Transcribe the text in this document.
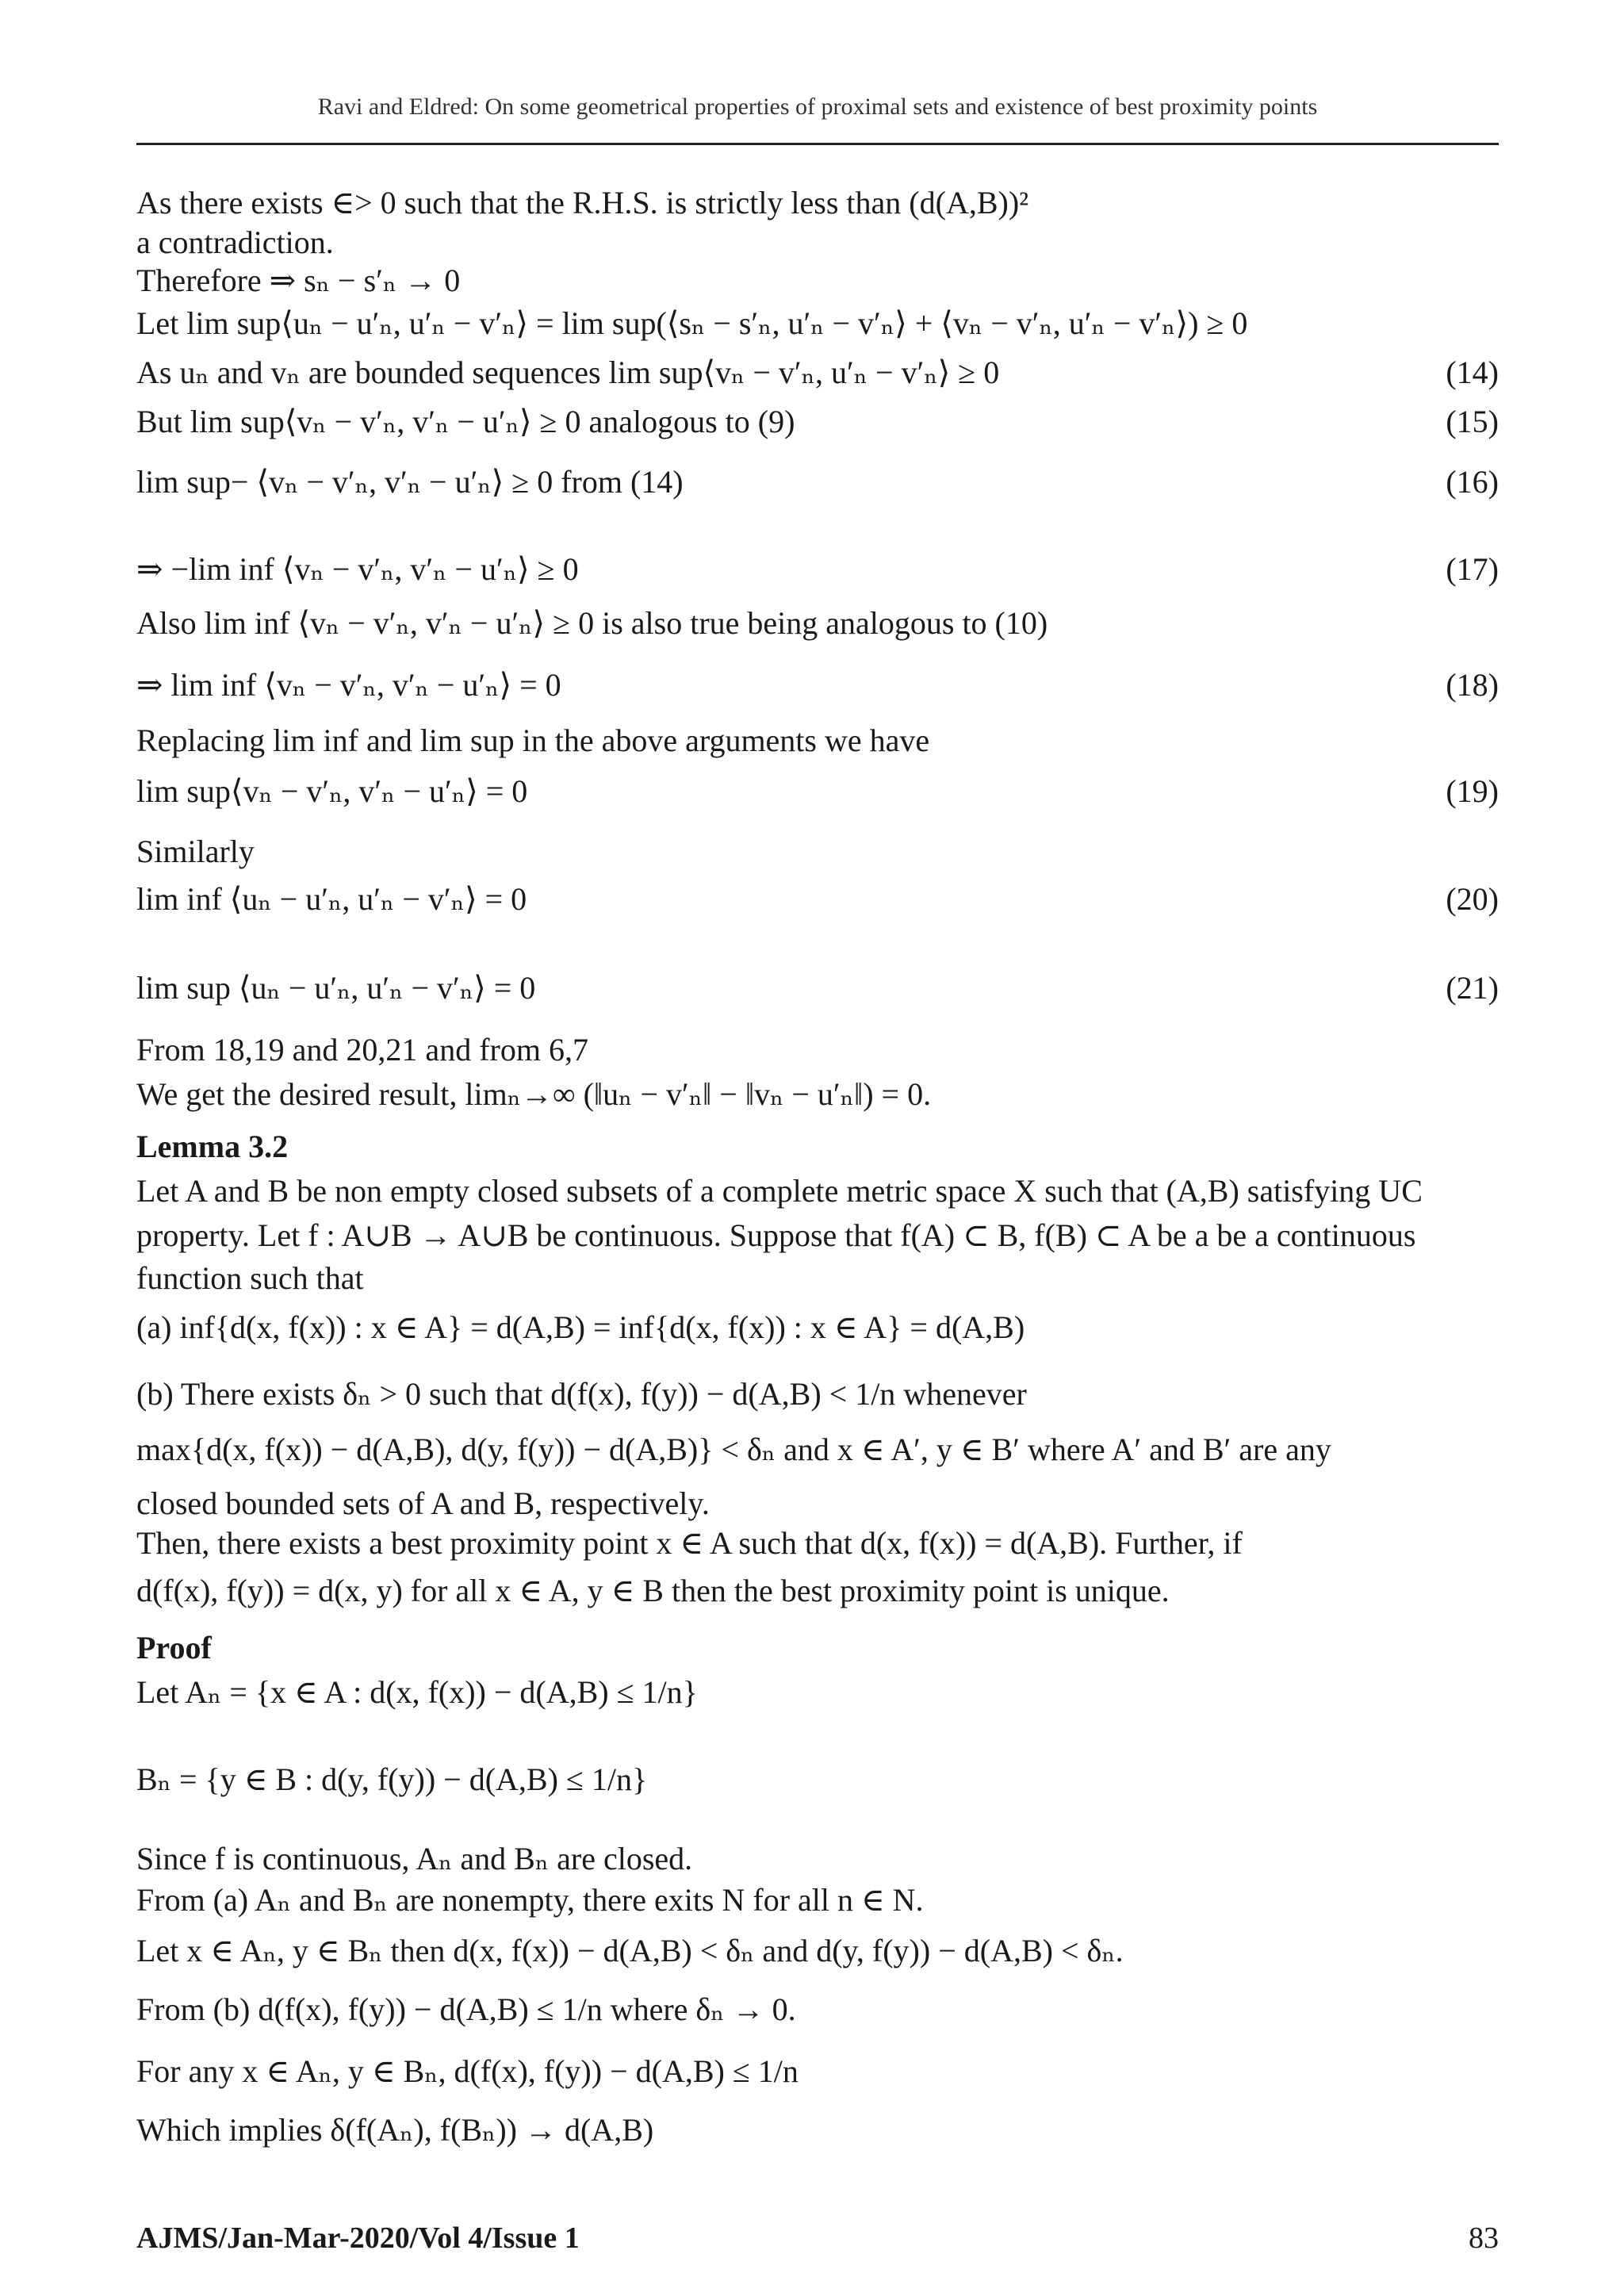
Ravi and Eldred: On some geometrical properties of proximal sets and existence of best proximity points
As there exists ∈> 0 such that the R.H.S. is strictly less than (d(A,B))²
a contradiction.
Therefore ⇒ sₙ − s′ₙ → 0
Let lim sup⟨uₙ − u′ₙ, u′ₙ − v′ₙ⟩ = lim sup(⟨sₙ − s′ₙ, u′ₙ − v′ₙ⟩ + ⟨vₙ − v′ₙ, u′ₙ − v′ₙ⟩) ≥ 0
As uₙ and vₙ are bounded sequences lim sup⟨vₙ − v′ₙ, u′ₙ − v′ₙ⟩ ≥ 0	(14)
But lim sup⟨vₙ − v′ₙ, v′ₙ − u′ₙ⟩ ≥ 0 analogous to (9)	(15)
lim sup− ⟨vₙ − v′ₙ, v′ₙ − u′ₙ⟩ ≥ 0 from (14)	(16)
⇒ −lim inf ⟨vₙ − v′ₙ, v′ₙ − u′ₙ⟩ ≥ 0	(17)
Also lim inf ⟨vₙ − v′ₙ, v′ₙ − u′ₙ⟩ ≥ 0 is also true being analogous to (10)
⇒ lim inf ⟨vₙ − v′ₙ, v′ₙ − u′ₙ⟩ = 0	(18)
Replacing lim inf and lim sup in the above arguments we have
lim sup⟨vₙ − v′ₙ, v′ₙ − u′ₙ⟩ = 0	(19)
Similarly
lim inf ⟨uₙ − u′ₙ, u′ₙ − v′ₙ⟩ = 0	(20)
lim sup ⟨uₙ − u′ₙ, u′ₙ − v′ₙ⟩ = 0	(21)
From 18,19 and 20,21 and from 6,7
We get the desired result, limₙ→∞ (‖uₙ − v′ₙ‖ − ‖vₙ − u′ₙ‖) = 0.
Lemma 3.2
Let A and B be non empty closed subsets of a complete metric space X such that (A,B) satisfying UC
property. Let f : A∪B → A∪B be continuous. Suppose that f(A) ⊂ B, f(B) ⊂ A be a be a continuous
function such that
(a) inf{d(x, f(x)) : x ∈ A} = d(A,B) = inf{d(x, f(x)) : x ∈ A} = d(A,B)
(b) There exists δₙ > 0 such that d(f(x), f(y)) − d(A,B) < 1/n whenever
max{d(x, f(x)) − d(A,B), d(y, f(y)) − d(A,B)} < δₙ and x ∈ A′, y ∈ B′ where A′ and B′ are any
closed bounded sets of A and B, respectively.
Then, there exists a best proximity point x ∈ A such that d(x, f(x)) = d(A,B). Further, if
d(f(x), f(y)) = d(x, y) for all x ∈ A, y ∈ B then the best proximity point is unique.
Proof
Let Aₙ = {x ∈ A : d(x, f(x)) − d(A,B) ≤ 1/n}
Bₙ = {y ∈ B : d(y, f(y)) − d(A,B) ≤ 1/n}
Since f is continuous, Aₙ and Bₙ are closed.
From (a) Aₙ and Bₙ are nonempty, there exits N for all n ∈ N.
Let x ∈ Aₙ, y ∈ Bₙ then d(x, f(x)) − d(A,B) < δₙ and d(y, f(y)) − d(A,B) < δₙ.
From (b) d(f(x), f(y)) − d(A,B) ≤ 1/n where δₙ → 0.
For any x ∈ Aₙ, y ∈ Bₙ, d(f(x), f(y)) − d(A,B) ≤ 1/n
Which implies δ(f(Aₙ), f(Bₙ)) → d(A,B)
AJMS/Jan-Mar-2020/Vol 4/Issue 1	83
